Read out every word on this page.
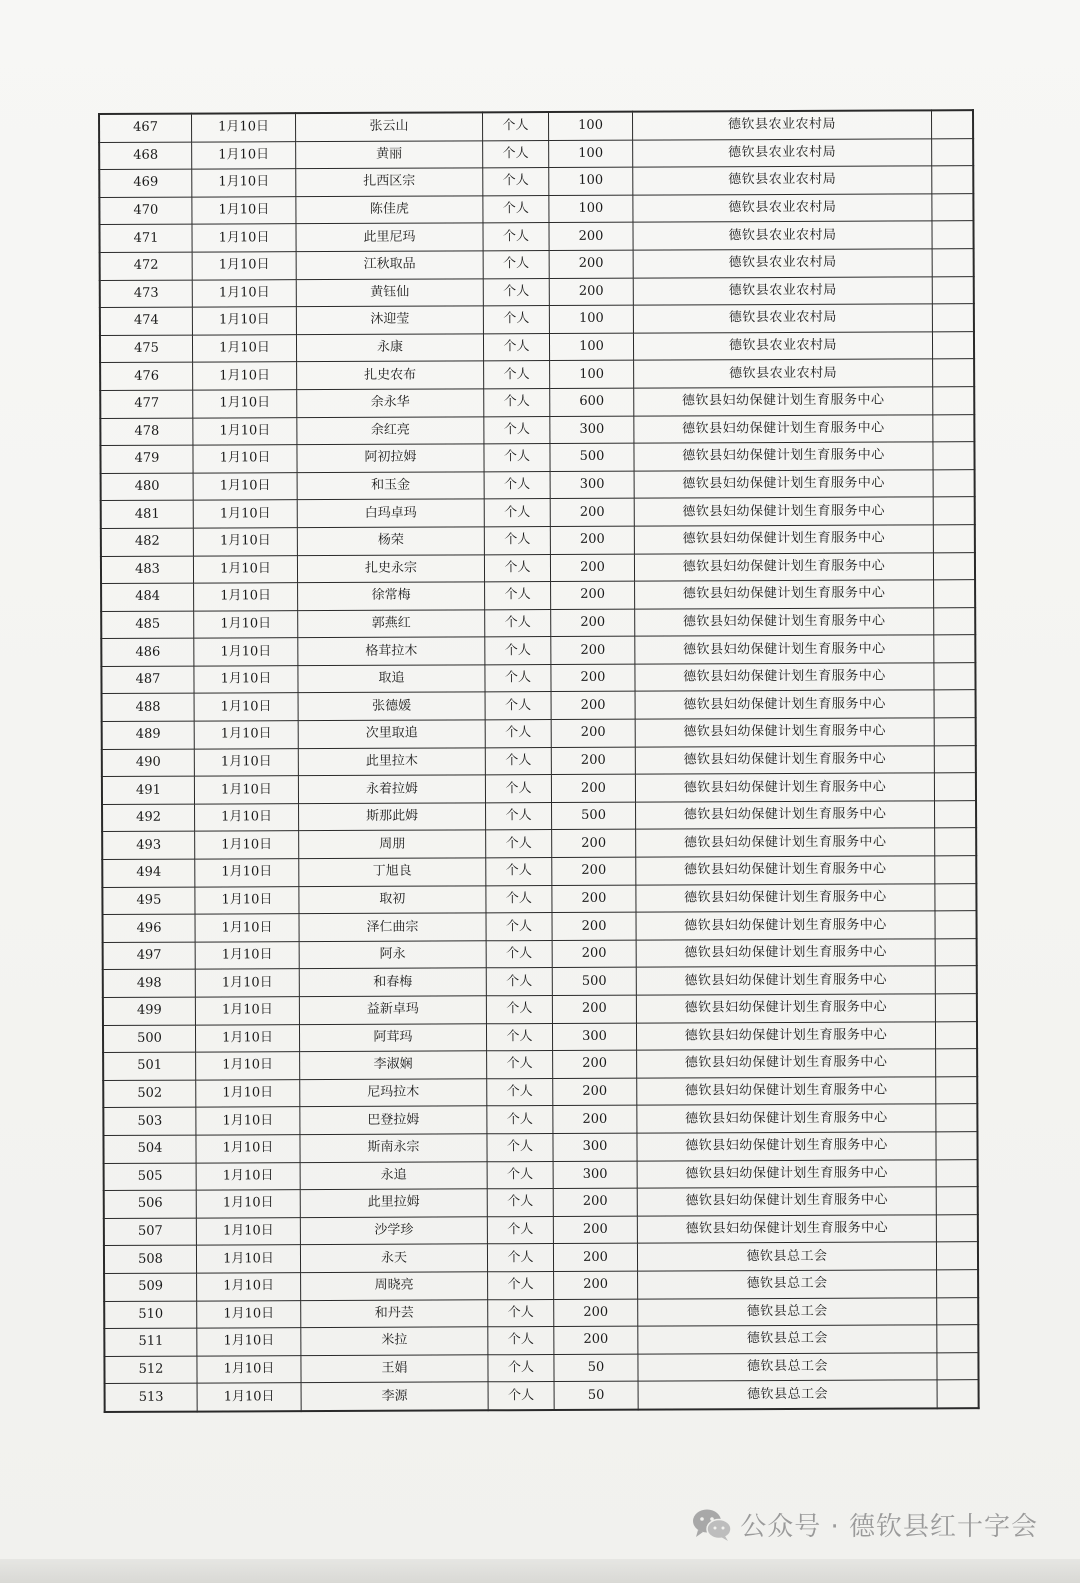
467	1月10日	张云山	个人	100	德钦县农业农村局	
468	1月10日	黄丽	个人	100	德钦县农业农村局	
469	1月10日	扎西区宗	个人	100	德钦县农业农村局	
470	1月10日	陈佳虎	个人	100	德钦县农业农村局	
471	1月10日	此里尼玛	个人	200	德钦县农业农村局	
472	1月10日	江秋取品	个人	200	德钦县农业农村局	
473	1月10日	黄钰仙	个人	200	德钦县农业农村局	
474	1月10日	沐迎莹	个人	100	德钦县农业农村局	
475	1月10日	永康	个人	100	德钦县农业农村局	
476	1月10日	扎史农布	个人	100	德钦县农业农村局	
477	1月10日	余永华	个人	600	德钦县妇幼保健计划生育服务中心	
478	1月10日	余红亮	个人	300	德钦县妇幼保健计划生育服务中心	
479	1月10日	阿初拉姆	个人	500	德钦县妇幼保健计划生育服务中心	
480	1月10日	和玉金	个人	300	德钦县妇幼保健计划生育服务中心	
481	1月10日	白玛卓玛	个人	200	德钦县妇幼保健计划生育服务中心	
482	1月10日	杨荣	个人	200	德钦县妇幼保健计划生育服务中心	
483	1月10日	扎史永宗	个人	200	德钦县妇幼保健计划生育服务中心	
484	1月10日	徐常梅	个人	200	德钦县妇幼保健计划生育服务中心	
485	1月10日	郭燕红	个人	200	德钦县妇幼保健计划生育服务中心	
486	1月10日	格茸拉木	个人	200	德钦县妇幼保健计划生育服务中心	
487	1月10日	取追	个人	200	德钦县妇幼保健计划生育服务中心	
488	1月10日	张德媛	个人	200	德钦县妇幼保健计划生育服务中心	
489	1月10日	次里取追	个人	200	德钦县妇幼保健计划生育服务中心	
490	1月10日	此里拉木	个人	200	德钦县妇幼保健计划生育服务中心	
491	1月10日	永着拉姆	个人	200	德钦县妇幼保健计划生育服务中心	
492	1月10日	斯那此姆	个人	500	德钦县妇幼保健计划生育服务中心	
493	1月10日	周朋	个人	200	德钦县妇幼保健计划生育服务中心	
494	1月10日	丁旭良	个人	200	德钦县妇幼保健计划生育服务中心	
495	1月10日	取初	个人	200	德钦县妇幼保健计划生育服务中心	
496	1月10日	泽仁曲宗	个人	200	德钦县妇幼保健计划生育服务中心	
497	1月10日	阿永	个人	200	德钦县妇幼保健计划生育服务中心	
498	1月10日	和春梅	个人	500	德钦县妇幼保健计划生育服务中心	
499	1月10日	益新卓玛	个人	200	德钦县妇幼保健计划生育服务中心	
500	1月10日	阿茸玛	个人	300	德钦县妇幼保健计划生育服务中心	
501	1月10日	李淑娴	个人	200	德钦县妇幼保健计划生育服务中心	
502	1月10日	尼玛拉木	个人	200	德钦县妇幼保健计划生育服务中心	
503	1月10日	巴登拉姆	个人	200	德钦县妇幼保健计划生育服务中心	
504	1月10日	斯南永宗	个人	300	德钦县妇幼保健计划生育服务中心	
505	1月10日	永追	个人	300	德钦县妇幼保健计划生育服务中心	
506	1月10日	此里拉姆	个人	200	德钦县妇幼保健计划生育服务中心	
507	1月10日	沙学珍	个人	200	德钦县妇幼保健计划生育服务中心	
508	1月10日	永天	个人	200	德钦县总工会	
509	1月10日	周晓亮	个人	200	德钦县总工会	
510	1月10日	和丹芸	个人	200	德钦县总工会	
511	1月10日	米拉	个人	200	德钦县总工会	
512	1月10日	王娟	个人	50	德钦县总工会	
513	1月10日	李源	个人	50	德钦县总工会	
公众号 · 德钦县红十字会
